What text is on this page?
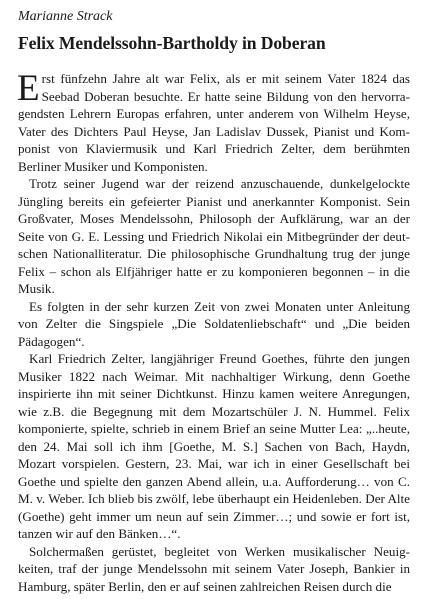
Marianne Strack
Felix Mendelssohn-Bartholdy in Doberan

Erst fünfzehn Jahre alt war Felix, als er mit seinem Vater 1824 das Seebad Doberan besuchte. Er hatte seine Bildung von den hervorragendsten Lehrern Europas erfahren, unter anderem von Wilhelm Heyse, Vater des Dichters Paul Heyse, Jan Ladislav Dussek, Pianist und Komponist von Klaviermusik und Karl Friedrich Zelter, dem berühmten Berliner Musiker und Komponisten.

Trotz seiner Jugend war der reizend anzuschauende, dunkelgelockte Jüngling bereits ein gefeierter Pianist und anerkannter Komponist. Sein Großvater, Moses Mendelssohn, Philosoph der Aufklärung, war an der Seite von G. E. Lessing und Friedrich Nikolai ein Mitbegründer der deutschen Nationalliteratur. Die philosophische Grundhaltung trug der junge Felix – schon als Elfjähriger hatte er zu komponieren begonnen – in die Musik.

Es folgten in der sehr kurzen Zeit von zwei Monaten unter Anleitung von Zelter die Singspiele „Die Soldatenliebschaft“ und „Die beiden Pädagogen“.

Karl Friedrich Zelter, langjähriger Freund Goethes, führte den jungen Musiker 1822 nach Weimar. Mit nachhaltiger Wirkung, denn Goethe inspirierte ihn mit seiner Dichtkunst. Hinzu kamen weitere Anregungen, wie z.B. die Begegnung mit dem Mozartschüler J. N. Hummel. Felix komponierte, spielte, schrieb in einem Brief an seine Mutter Lea: „..heute, den 24. Mai soll ich ihm [Goethe, M. S.] Sachen von Bach, Haydn, Mozart vorspielen. Gestern, 23. Mai, war ich in einer Gesellschaft bei Goethe und spielte den ganzen Abend allein, u.a. Aufforderung… von C. M. v. Weber. Ich blieb bis zwölf, lebe überhaupt ein Heidenleben. Der Alte (Goethe) geht immer um neun auf sein Zimmer…; und sowie er fort ist, tanzen wir auf den Bänken…“.

Solchermaßen gerüstet, begleitet von Werken musikalischer Neuigkeiten, traf der junge Mendelssohn mit seinem Vater Joseph, Bankier in Hamburg, später Berlin, den er auf seinen zahlreichen Reisen durch die
